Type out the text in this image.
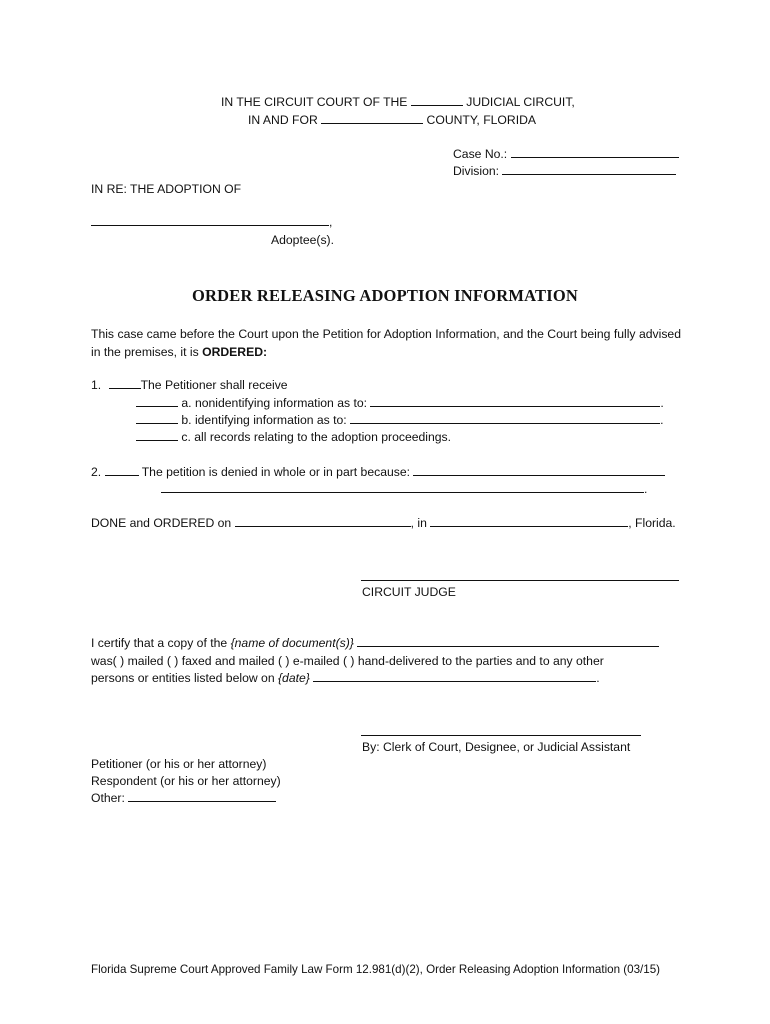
IN THE CIRCUIT COURT OF THE	JUDICIAL CIRCUIT,
IN AND FOR	COUNTY, FLORIDA
Case No.:
Division:
IN RE: THE ADOPTION OF
,
Adoptee(s).
ORDER RELEASING ADOPTION INFORMATION
This case came before the Court upon the Petition for Adoption Information, and the Court being fully advised in the premises, it is ORDERED:
1.	The Petitioner shall receive
a. nonidentifying information as to:	.
b. identifying information as to:	.
c. all records relating to the adoption proceedings.
2.	The petition is denied in whole or in part because:
.
DONE and ORDERED on	, in	, Florida.
CIRCUIT JUDGE
I certify that a copy of the {name of document(s)}
was( ) mailed ( ) faxed and mailed ( ) e-mailed ( ) hand-delivered to the parties and to any other
persons or entities listed below on {date}	.
By: Clerk of Court, Designee, or Judicial Assistant
Petitioner (or his or her attorney)
Respondent (or his or her attorney)
Other:
Florida Supreme Court Approved Family Law Form 12.981(d)(2), Order Releasing Adoption Information (03/15)
